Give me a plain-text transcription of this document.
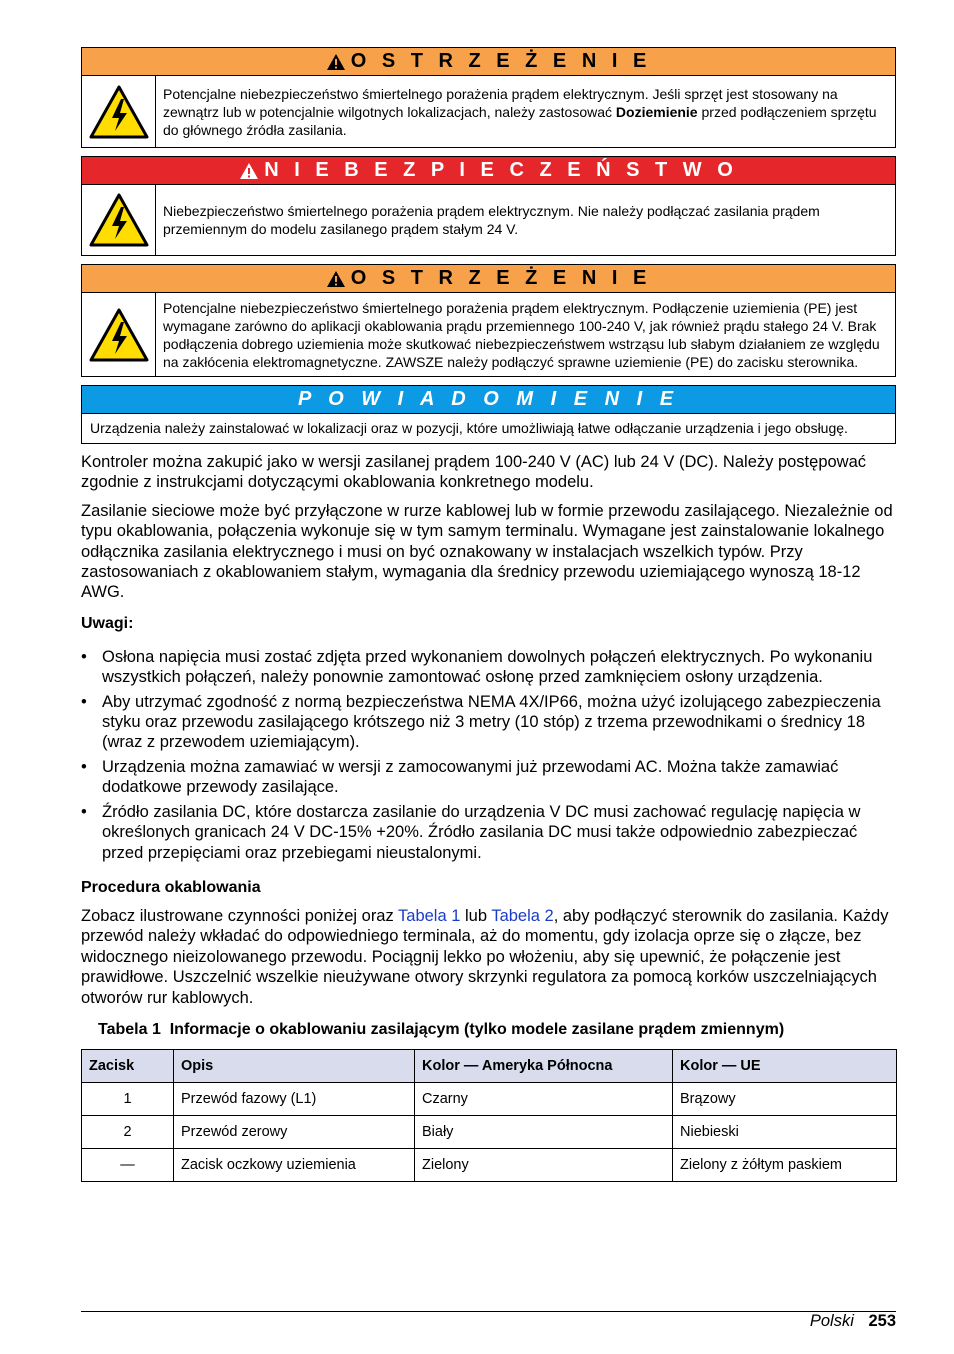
O S T R Z E Ż E N I E
Potencjalne niebezpieczeństwo śmiertelnego porażenia prądem elektrycznym. Jeśli sprzęt jest stosowany na zewnątrz lub w potencjalnie wilgotnych lokalizacjach, należy zastosować Doziemienie przed podłączeniem sprzętu do głównego źródła zasilania.
N I E B E Z P I E C Z E Ń S T W O
Niebezpieczeństwo śmiertelnego porażenia prądem elektrycznym. Nie należy podłączać zasilania prądem przemiennym do modelu zasilanego prądem stałym 24 V.
O S T R Z E Ż E N I E
Potencjalne niebezpieczeństwo śmiertelnego porażenia prądem elektrycznym. Podłączenie uziemienia (PE) jest wymagane zarówno do aplikacji okablowania prądu przemiennego 100-240 V, jak również prądu stałego 24 V. Brak podłączenia dobrego uziemienia może skutkować niebezpieczeństwem wstrząsu lub słabym działaniem ze względu na zakłócenia elektromagnetyczne. ZAWSZE należy podłączyć sprawne uziemienie (PE) do zacisku sterownika.
P O W I A D O M I E N I E
Urządzenia należy zainstalować w lokalizacji oraz w pozycji, które umożliwiają łatwe odłączanie urządzenia i jego obsługę.

Kontroler można zakupić jako w wersji zasilanej prądem 100-240 V (AC) lub 24 V (DC). Należy postępować zgodnie z instrukcjami dotyczącymi okablowania konkretnego modelu.

Zasilanie sieciowe może być przyłączone w rurze kablowej lub w formie przewodu zasilającego. Niezależnie od typu okablowania, połączenia wykonuje się w tym samym terminalu. Wymagane jest zainstalowanie lokalnego odłącznika zasilania elektrycznego i musi on być oznakowany w instalacjach wszelkich typów. Przy zastosowaniach z okablowaniem stałym, wymagania dla średnicy przewodu uziemiającego wynoszą 18-12 AWG.

Uwagi:
• Osłona napięcia musi zostać zdjęta przed wykonaniem dowolnych połączeń elektrycznych. Po wykonaniu wszystkich połączeń, należy ponownie zamontować osłonę przed zamknięciem osłony urządzenia.
• Aby utrzymać zgodność z normą bezpieczeństwa NEMA 4X/IP66, można użyć izolującego zabezpieczenia styku oraz przewodu zasilającego krótszego niż 3 metry (10 stóp) z trzema przewodnikami o średnicy 18 (wraz z przewodem uziemiającym).
• Urządzenia można zamawiać w wersji z zamocowanymi już przewodami AC. Można także zamawiać dodatkowe przewody zasilające.
• Źródło zasilania DC, które dostarcza zasilanie do urządzenia V DC musi zachować regulację napięcia w określonych granicach 24 V DC-15% +20%. Źródło zasilania DC musi także odpowiednio zabezpieczać przed przepięciami oraz przebiegami nieustalonymi.
Procedura okablowania

Zobacz ilustrowane czynności poniżej oraz Tabela 1 lub Tabela 2, aby podłączyć sterownik do zasilania. Każdy przewód należy wkładać do odpowiedniego terminala, aż do momentu, gdy izolacja oprze się o złącze, bez widocznego nieizolowanego przewodu. Pociągnij lekko po włożeniu, aby się upewnić, że połączenie jest prawidłowe. Uszczelnić wszelkie nieużywane otwory skrzynki regulatora za pomocą korków uszczelniających otworów rur kablowych.

Tabela 1 Informacje o okablowaniu zasilającym (tylko modele zasilane prądem zmiennym)
Zacisk	Opis	Kolor — Ameryka Północna	Kolor — UE
1	Przewód fazowy (L1)	Czarny	Brązowy
2	Przewód zerowy	Biały	Niebieski
—	Zacisk oczkowy uziemienia	Zielony	Zielony z żółtym paskiem
Polski 253
